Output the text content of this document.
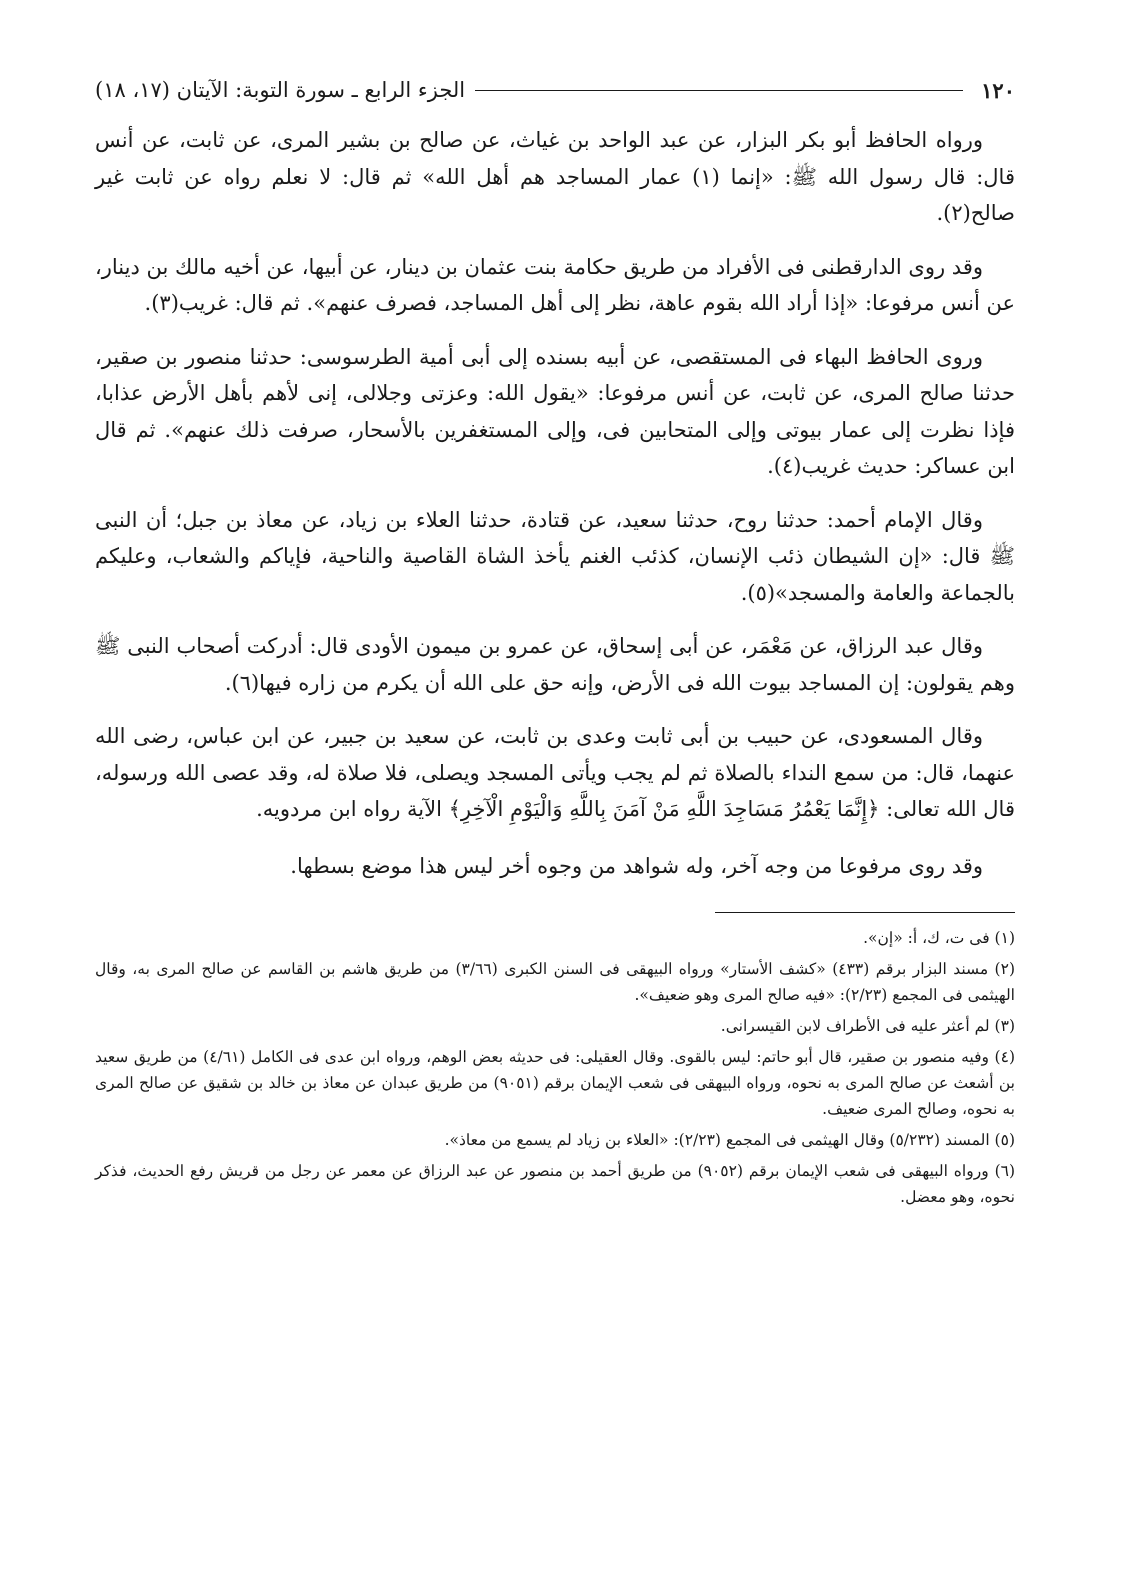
١٢٠
الجزء الرابع ـ سورة التوبة: الآيتان (١٧، ١٨)

ورواه الحافظ أبو بكر البزار، عن عبد الواحد بن غياث، عن صالح بن بشير المرى، عن ثابت، عن أنس قال: قال رسول الله ﷺ: «إنما (١) عمار المساجد هم أهل الله» ثم قال: لا نعلم رواه عن ثابت غير صالح(٢).

وقد روى الدارقطنى فى الأفراد من طريق حكامة بنت عثمان بن دينار، عن أبيها، عن أخيه مالك بن دينار، عن أنس مرفوعا: «إذا أراد الله بقوم عاهة، نظر إلى أهل المساجد، فصرف عنهم». ثم قال: غريب(٣).

وروى الحافظ البهاء فى المستقصى، عن أبيه بسنده إلى أبى أمية الطرسوسى: حدثنا منصور بن صقير، حدثنا صالح المرى، عن ثابت، عن أنس مرفوعا: «يقول الله: وعزتى وجلالى، إنى لأهم بأهل الأرض عذابا، فإذا نظرت إلى عمار بيوتى وإلى المتحابين فى، وإلى المستغفرين بالأسحار، صرفت ذلك عنهم». ثم قال ابن عساكر: حديث غريب(٤).

وقال الإمام أحمد: حدثنا روح، حدثنا سعيد، عن قتادة، حدثنا العلاء بن زياد، عن معاذ بن جبل؛ أن النبى ﷺ قال: «إن الشيطان ذئب الإنسان، كذئب الغنم يأخذ الشاة القاصية والناحية، فإياكم والشعاب، وعليكم بالجماعة والعامة والمسجد»(٥).

وقال عبد الرزاق، عن مَعْمَر، عن أبى إسحاق، عن عمرو بن ميمون الأودى قال: أدركت أصحاب النبى ﷺ وهم يقولون: إن المساجد بيوت الله فى الأرض، وإنه حق على الله أن يكرم من زاره فيها(٦).

وقال المسعودى، عن حبيب بن أبى ثابت وعدى بن ثابت، عن سعيد بن جبير، عن ابن عباس، رضى الله عنهما، قال: من سمع النداء بالصلاة ثم لم يجب ويأتى المسجد ويصلى، فلا صلاة له، وقد عصى الله ورسوله، قال الله تعالى: ﴿إِنَّمَا يَعْمُرُ مَسَاجِدَ اللَّهِ مَنْ آمَنَ بِاللَّهِ وَالْيَوْمِ الْآخِرِ﴾ الآية رواه ابن مردويه.

وقد روى مرفوعا من وجه آخر، وله شواهد من وجوه أخر ليس هذا موضع بسطها.

(١) فى ت، ك، أ: «إن».
(٢) مسند البزار برقم (٤٣٣) «كشف الأستار» ورواه البيهقى فى السنن الكبرى (٣/٦٦) من طريق هاشم بن القاسم عن صالح المرى به، وقال الهيثمى فى المجمع (٢/٢٣): «فيه صالح المرى وهو ضعيف».
(٣) لم أعثر عليه فى الأطراف لابن القيسرانى.
(٤) وفيه منصور بن صقير، قال أبو حاتم: ليس بالقوى. وقال العقيلى: فى حديثه بعض الوهم، ورواه ابن عدى فى الكامل (٤/٦١) من طريق سعيد بن أشعث عن صالح المرى به نحوه، ورواه البيهقى فى شعب الإيمان برقم (٩٠٥١) من طريق عبدان عن معاذ بن خالد بن شقيق عن صالح المرى به نحوه، وصالح المرى ضعيف.
(٥) المسند (٥/٢٣٢) وقال الهيثمى فى المجمع (٢/٢٣): «العلاء بن زياد لم يسمع من معاذ».
(٦) ورواه البيهقى فى شعب الإيمان برقم (٩٠٥٢) من طريق أحمد بن منصور عن عبد الرزاق عن معمر عن رجل من قريش رفع الحديث، فذكر نحوه، وهو معضل.
